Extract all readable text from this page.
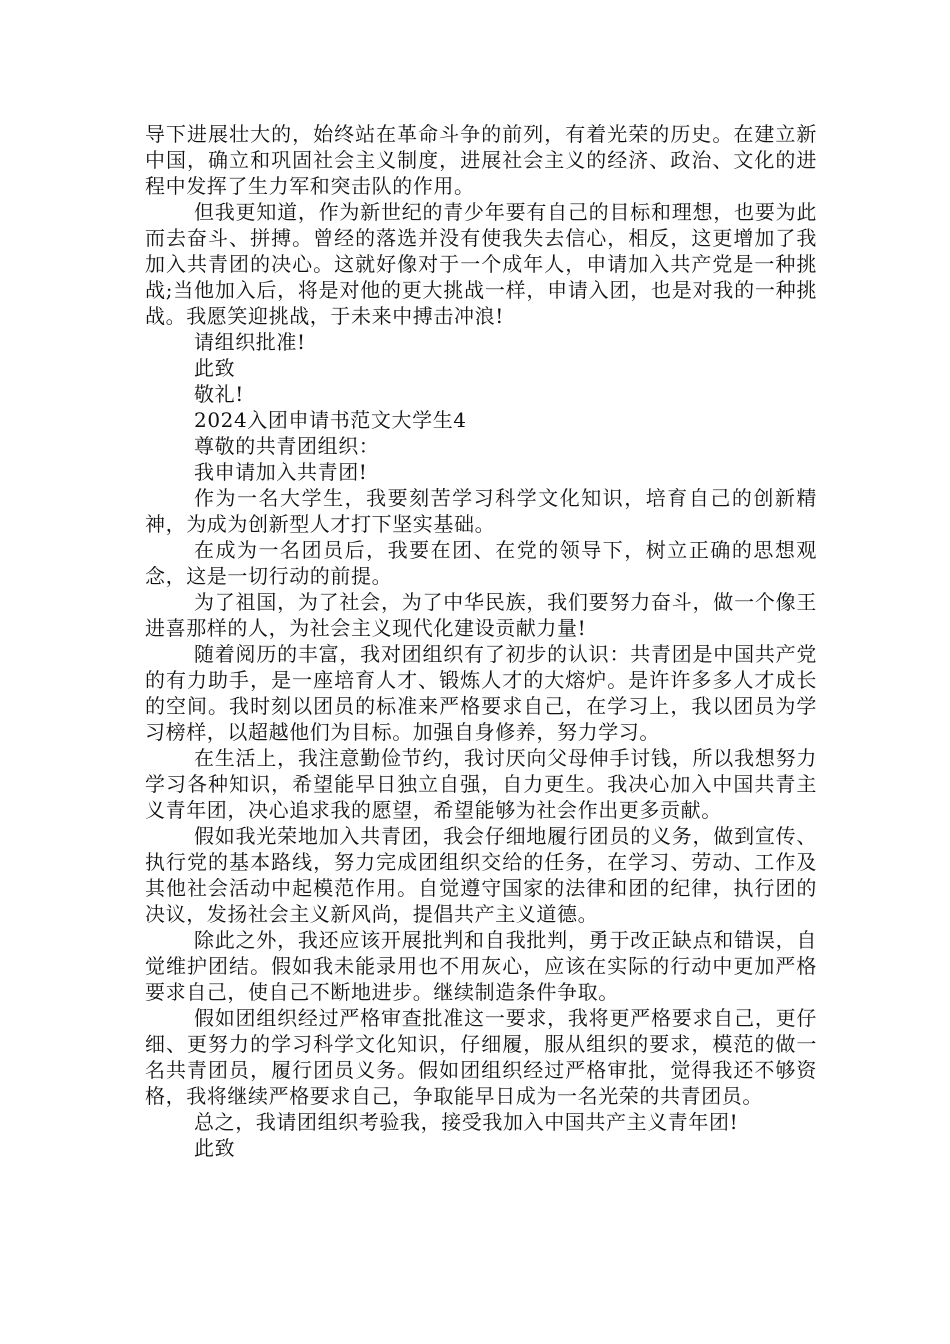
导下进展壮大的，始终站在革命斗争的前列，有着光荣的历史。在建立新中国，确立和巩固社会主义制度，进展社会主义的经济、政治、文化的进程中发挥了生力军和突击队的作用。

但我更知道，作为新世纪的青少年要有自己的目标和理想，也要为此而去奋斗、拼搏。曾经的落选并没有使我失去信心，相反，这更增加了我加入共青团的决心。这就好像对于一个成年人，申请加入共产党是一种挑战;当他加入后，将是对他的更大挑战一样，申请入团，也是对我的一种挑战。我愿笑迎挑战，于未来中搏击冲浪!

请组织批准!

此致

敬礼!

2024入团申请书范文大学生4

尊敬的共青团组织：

我申请加入共青团!

作为一名大学生，我要刻苦学习科学文化知识，培育自己的创新精神，为成为创新型人才打下坚实基础。

在成为一名团员后，我要在团、在党的领导下，树立正确的思想观念，这是一切行动的前提。

为了祖国，为了社会，为了中华民族，我们要努力奋斗，做一个像王进喜那样的人，为社会主义现代化建设贡献力量!

随着阅历的丰富，我对团组织有了初步的认识：共青团是中国共产党的有力助手，是一座培育人才、锻炼人才的大熔炉。是许许多多人才成长的空间。我时刻以团员的标准来严格要求自己，在学习上，我以团员为学习榜样，以超越他们为目标。加强自身修养，努力学习。

在生活上，我注意勤俭节约，我讨厌向父母伸手讨钱，所以我想努力学习各种知识，希望能早日独立自强，自力更生。我决心加入中国共青主义青年团，决心追求我的愿望，希望能够为社会作出更多贡献。

假如我光荣地加入共青团，我会仔细地履行团员的义务，做到宣传、执行党的基本路线，努力完成团组织交给的任务，在学习、劳动、工作及其他社会活动中起模范作用。自觉遵守国家的法律和团的纪律，执行团的决议，发扬社会主义新风尚，提倡共产主义道德。

除此之外，我还应该开展批判和自我批判，勇于改正缺点和错误，自觉维护团结。假如我未能录用也不用灰心，应该在实际的行动中更加严格要求自己，使自己不断地进步。继续制造条件争取。

假如团组织经过严格审查批准这一要求，我将更严格要求自己，更仔细、更努力的学习科学文化知识，仔细履，服从组织的要求，模范的做一名共青团员，履行团员义务。假如团组织经过严格审批，觉得我还不够资格，我将继续严格要求自己，争取能早日成为一名光荣的共青团员。

总之，我请团组织考验我，接受我加入中国共产主义青年团!

此致
